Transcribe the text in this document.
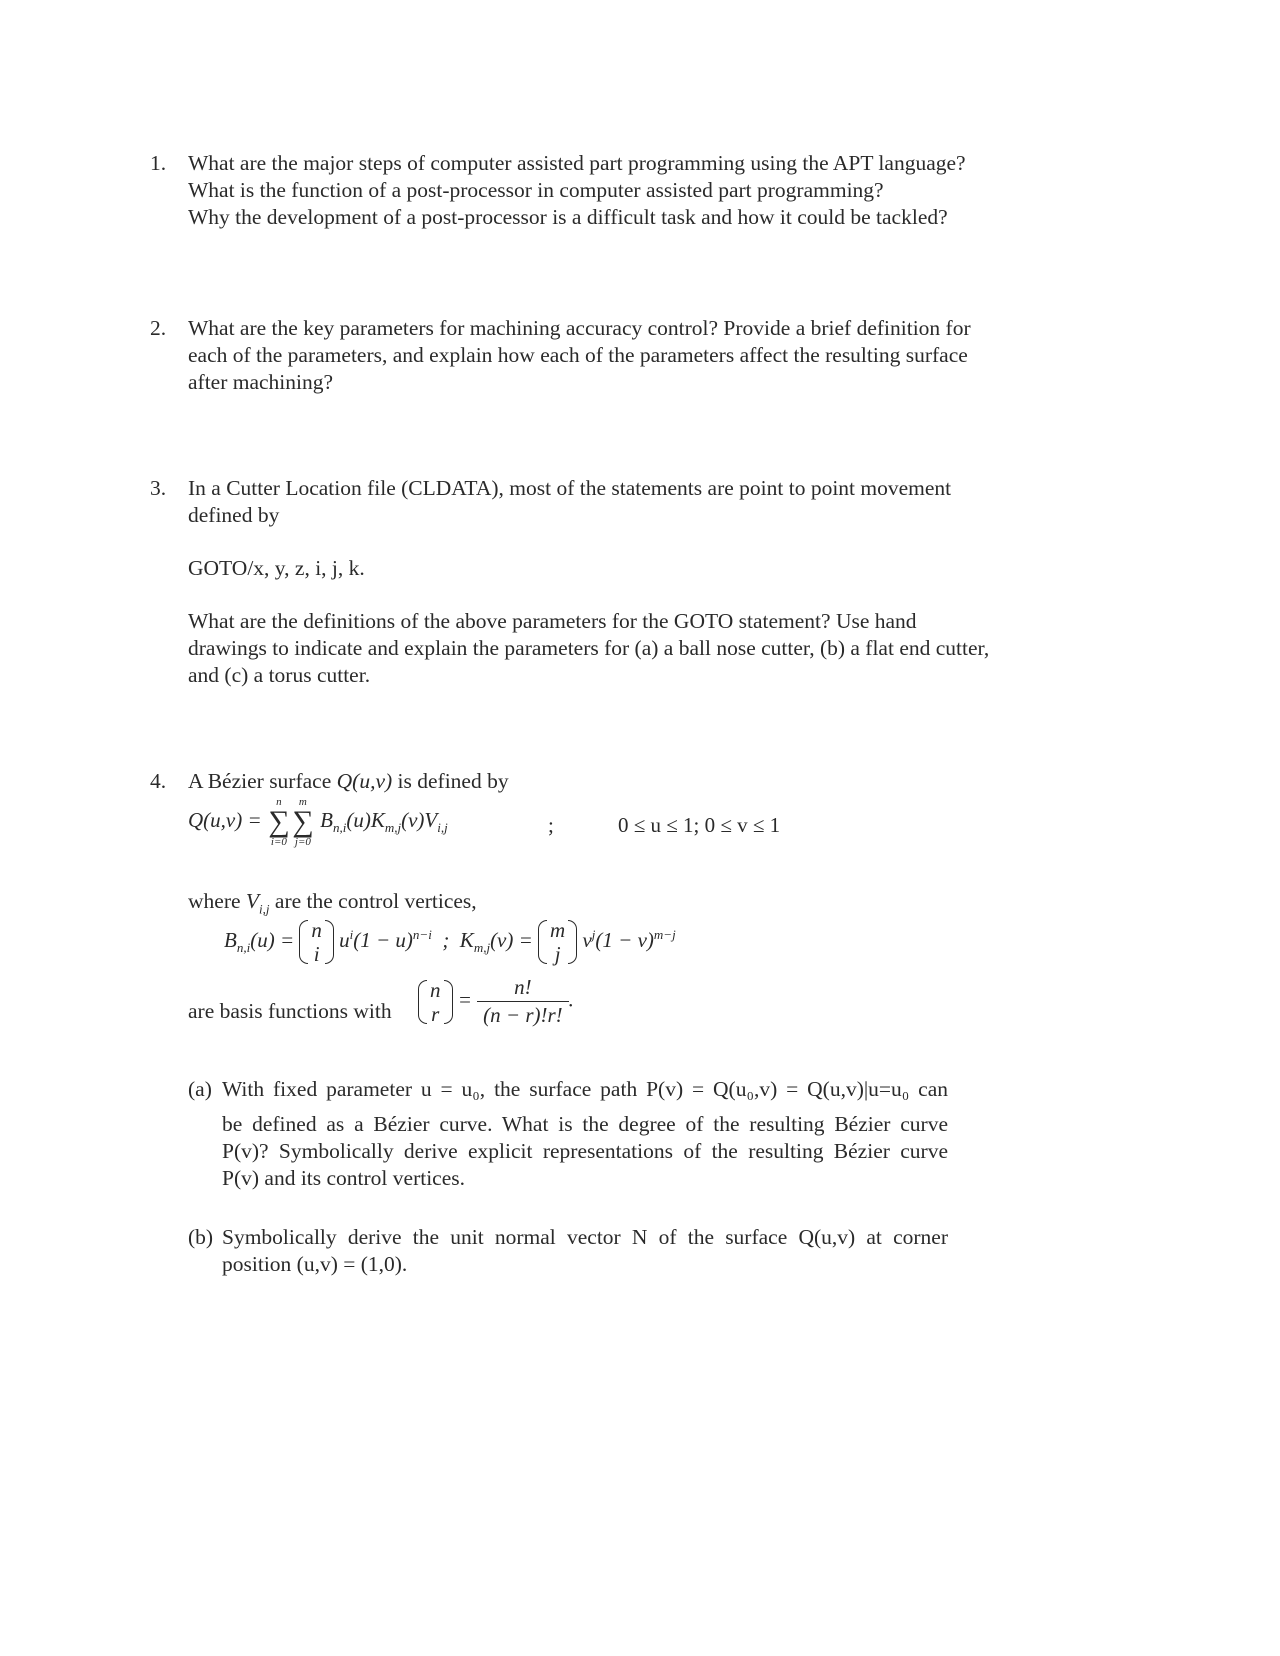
1. What are the major steps of computer assisted part programming using the APT language?
What is the function of a post-processor in computer assisted part programming?
Why the development of a post-processor is a difficult task and how it could be tackled?
2. What are the key parameters for machining accuracy control? Provide a brief definition for
each of the parameters, and explain how each of the parameters affect the resulting surface
after machining?
3. In a Cutter Location file (CLDATA), most of the statements are point to point movement
defined by
GOTO/x, y, z, i, j, k.
What are the definitions of the above parameters for the GOTO statement? Use hand
drawings to indicate and explain the parameters for (a) a ball nose cutter, (b) a flat end cutter,
and (c) a torus cutter.
4. A Bézier surface Q(u,v) is defined by
Q(u,v) =
n
∑
i=0
m
∑
j=0
$B_{n,i}(u)K_{m,j}(v)V_{i,j}$	;	0 ≤ u ≤ 1; 0 ≤ v ≤ 1
where $V_{i,j}$ are the control vertices,
$B_{n,i}(u) = n$
i
$u^i(1 - u)^{n-i}$  ;  $K_{m,j}(v) = m$
j
$v^j(1 - v)^{m-j}$
are basis functions with
n
r
= $\frac{n!}{(n - r)!r!}$ .
(a) With fixed parameter u = u₀, the surface path P(v) = Q(u₀,v) = Q(u,v)|u=u₀ can
be defined as a Bézier curve. What is the degree of the resulting Bézier curve
P(v)? Symbolically derive explicit representations of the resulting Bézier curve
P(v) and its control vertices.
(b) Symbolically derive the unit normal vector N of the surface Q(u,v) at corner
position (u,v) = (1,0).
